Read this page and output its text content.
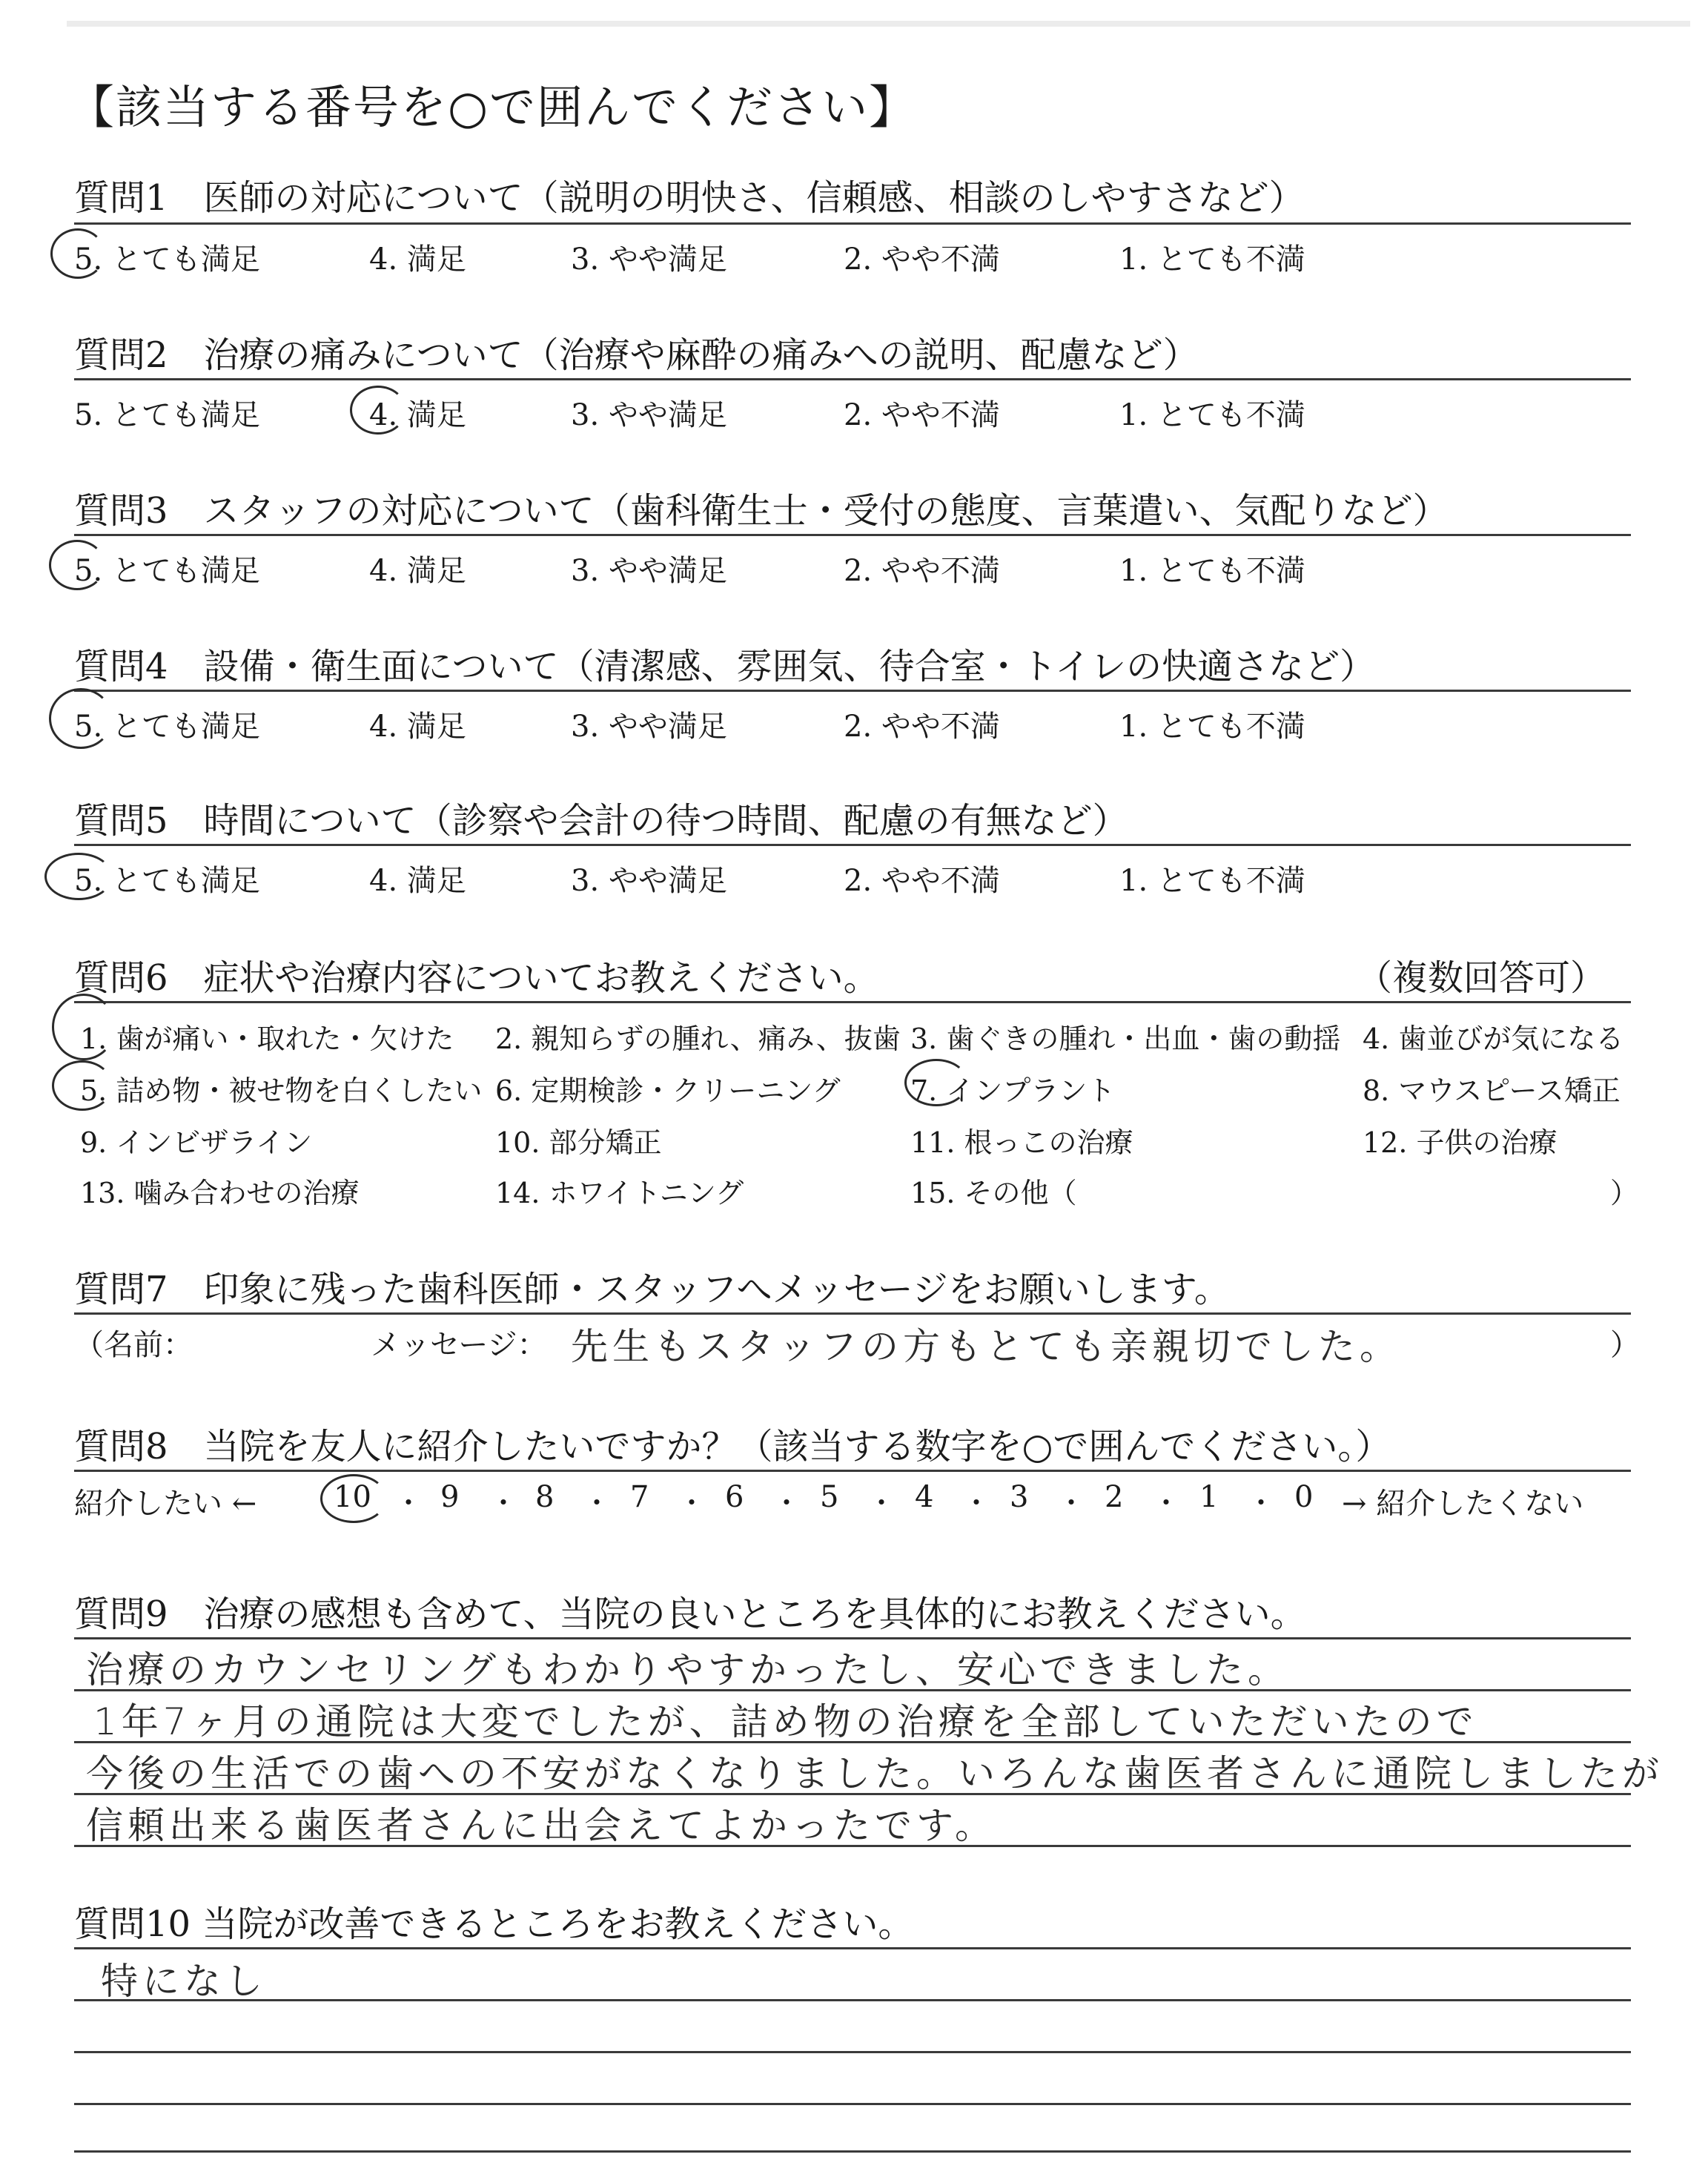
【該当する番号を○で囲んでください】
質問1　医師の対応について（説明の明快さ、信頼感、相談のしやすさなど）
5. とても満足	4. 満足	3. やや満足	2. やや不満	1. とても不満
質問2　治療の痛みについて（治療や麻酔の痛みへの説明、配慮など）
5. とても満足	4. 満足	3. やや満足	2. やや不満	1. とても不満
質問3　スタッフの対応について（歯科衛生士・受付の態度、言葉遣い、気配りなど）
5. とても満足	4. 満足	3. やや満足	2. やや不満	1. とても不満
質問4　設備・衛生面について（清潔感、雰囲気、待合室・トイレの快適さなど）
5. とても満足	4. 満足	3. やや満足	2. やや不満	1. とても不満
質問5　時間について（診察や会計の待つ時間、配慮の有無など）
5. とても満足	4. 満足	3. やや満足	2. やや不満	1. とても不満
質問6　症状や治療内容についてお教えください。	（複数回答可）
1. 歯が痛い・取れた・欠けた 2. 親知らずの腫れ、痛み、抜歯 3. 歯ぐきの腫れ・出血・歯の動揺 4. 歯並びが気になる
5. 詰め物・被せ物を白くしたい 6. 定期検診・クリーニング 7. インプラント	8. マウスピース矯正
9. インビザライン	10. 部分矯正	11. 根っこの治療	12. 子供の治療
13. 噛み合わせの治療	14. ホワイトニング	15. その他（	）
質問7　印象に残った歯科医師・スタッフへメッセージをお願いします。
（名前：	メッセージ： 先生もスタッフの方もとても亲親切でした。	）
質問8　当院を友人に紹介したいですか？（該当する数字を○で囲んでください。）
紹介したい ←	10 ・ 9 ・ 8 ・ 7 ・ 6 ・ 5 ・ 4 ・ 3 ・ 2 ・ 1 ・ 0 → 紹介したくない
質問9　治療の感想も含めて、当院の良いところを具体的にお教えください。
治療のカウンセリングもわかりやすかったし、安心できました。
1年7ヶ月の通院は大変でしたが、詰め物の治療を全部していただいたので
今後の生活での歯への不安がなくなりました。いろんな歯医者さんに通院しましたが
信頼出来る歯医者さんに出会えてよかったです。
質問10 当院が改善できるところをお教えください。
特になし
